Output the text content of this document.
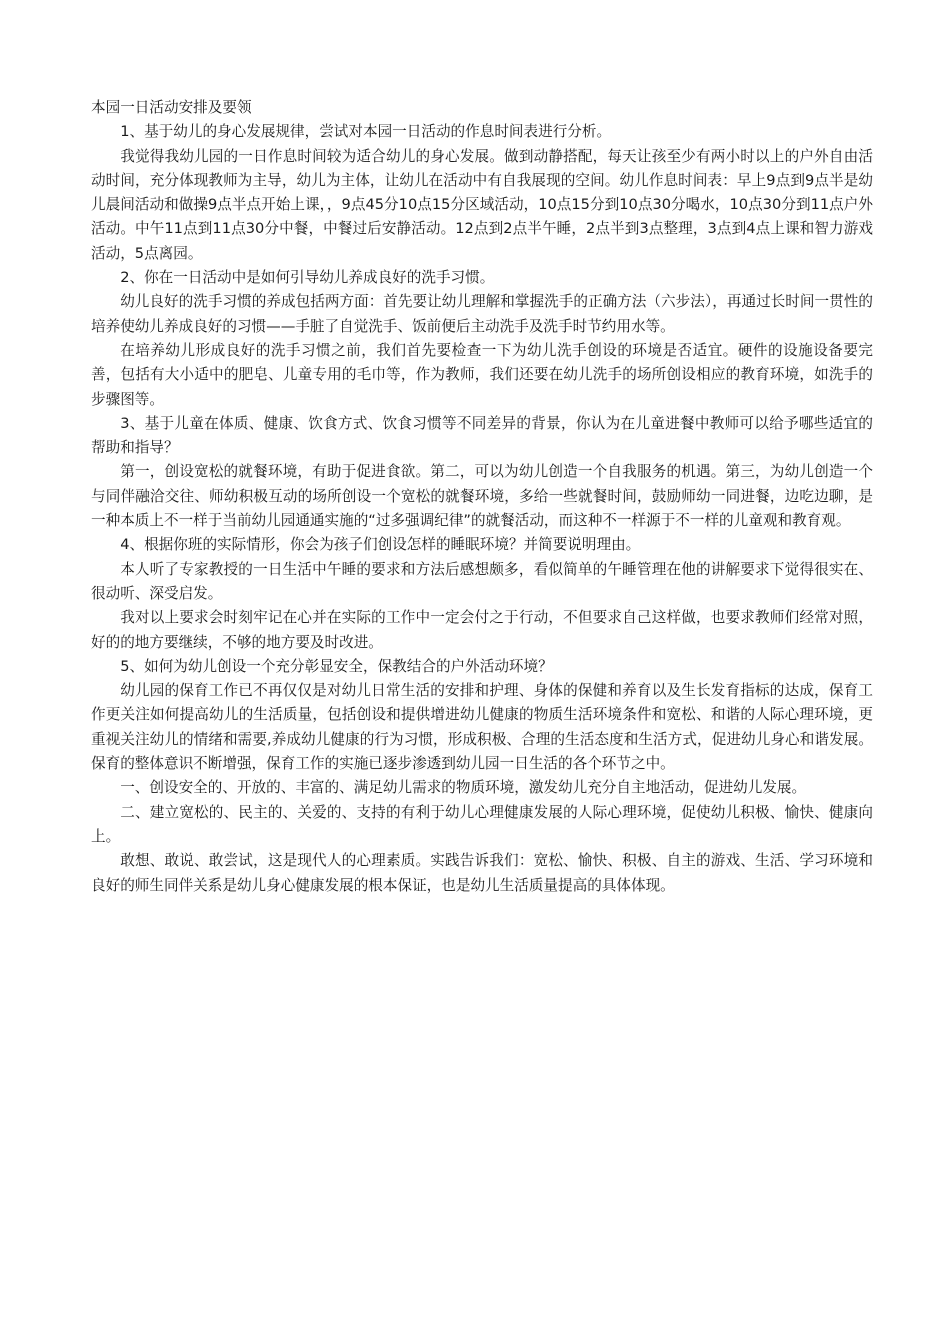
本园一日活动安排及要领

1、基于幼儿的身心发展规律，尝试对本园一日活动的作息时间表进行分析。

我觉得我幼儿园的一日作息时间较为适合幼儿的身心发展。做到动静搭配，每天让孩至少有两小时以上的户外自由活动时间，充分体现教师为主导，幼儿为主体，让幼儿在活动中有自我展现的空间。幼儿作息时间表：早上9点到9点半是幼儿晨间活动和做操9点半点开始上课，，9点45分10点15分区域活动，10点15分到10点30分喝水，10点30分到11点户外活动。中午11点到11点30分中餐，中餐过后安静活动。12点到2点半午睡，2点半到3点整理，3点到4点上课和智力游戏活动，5点离园。

2、你在一日活动中是如何引导幼儿养成良好的洗手习惯。

幼儿良好的洗手习惯的养成包括两方面：首先要让幼儿理解和掌握洗手的正确方法（六步法），再通过长时间一贯性的培养使幼儿养成良好的习惯——手脏了自觉洗手、饭前便后主动洗手及洗手时节约用水等。

在培养幼儿形成良好的洗手习惯之前，我们首先要检查一下为幼儿洗手创设的环境是否适宜。硬件的设施设备要完善，包括有大小适中的肥皂、儿童专用的毛巾等，作为教师，我们还要在幼儿洗手的场所创设相应的教育环境，如洗手的步骤图等。

3、基于儿童在体质、健康、饮食方式、饮食习惯等不同差异的背景，你认为在儿童进餐中教师可以给予哪些适宜的帮助和指导？

第一，创设宽松的就餐环境，有助于促进食欲。第二，可以为幼儿创造一个自我服务的机遇。第三，为幼儿创造一个与同伴融洽交往、师幼积极互动的场所创设一个宽松的就餐环境，多给一些就餐时间，鼓励师幼一同进餐，边吃边聊，是一种本质上不一样于当前幼儿园通通实施的“过多强调纪律”的就餐活动，而这种不一样源于不一样的儿童观和教育观。

4、根据你班的实际情形，你会为孩子们创设怎样的睡眠环境？并简要说明理由。

本人听了专家教授的一日生活中午睡的要求和方法后感想颇多，看似简单的午睡管理在他的讲解要求下觉得很实在、很动听、深受启发。

我对以上要求会时刻牢记在心并在实际的工作中一定会付之于行动，不但要求自己这样做，也要求教师们经常对照，好的的地方要继续，不够的地方要及时改进。

5、如何为幼儿创设一个充分彰显安全，保教结合的户外活动环境？

幼儿园的保育工作已不再仅仅是对幼儿日常生活的安排和护理、身体的保健和养育以及生长发育指标的达成，保育工作更关注如何提高幼儿的生活质量，包括创设和提供增进幼儿健康的物质生活环境条件和宽松、和谐的人际心理环境，更重视关注幼儿的情绪和需要,养成幼儿健康的行为习惯，形成积极、合理的生活态度和生活方式，促进幼儿身心和谐发展。保育的整体意识不断增强，保育工作的实施已逐步渗透到幼儿园一日生活的各个环节之中。

一、创设安全的、开放的、丰富的、满足幼儿需求的物质环境，激发幼儿充分自主地活动，促进幼儿发展。

二、建立宽松的、民主的、关爱的、支持的有利于幼儿心理健康发展的人际心理环境，促使幼儿积极、愉快、健康向上。

敢想、敢说、敢尝试，这是现代人的心理素质。实践告诉我们：宽松、愉快、积极、自主的游戏、生活、学习环境和良好的师生同伴关系是幼儿身心健康发展的根本保证，也是幼儿生活质量提高的具体体现。
